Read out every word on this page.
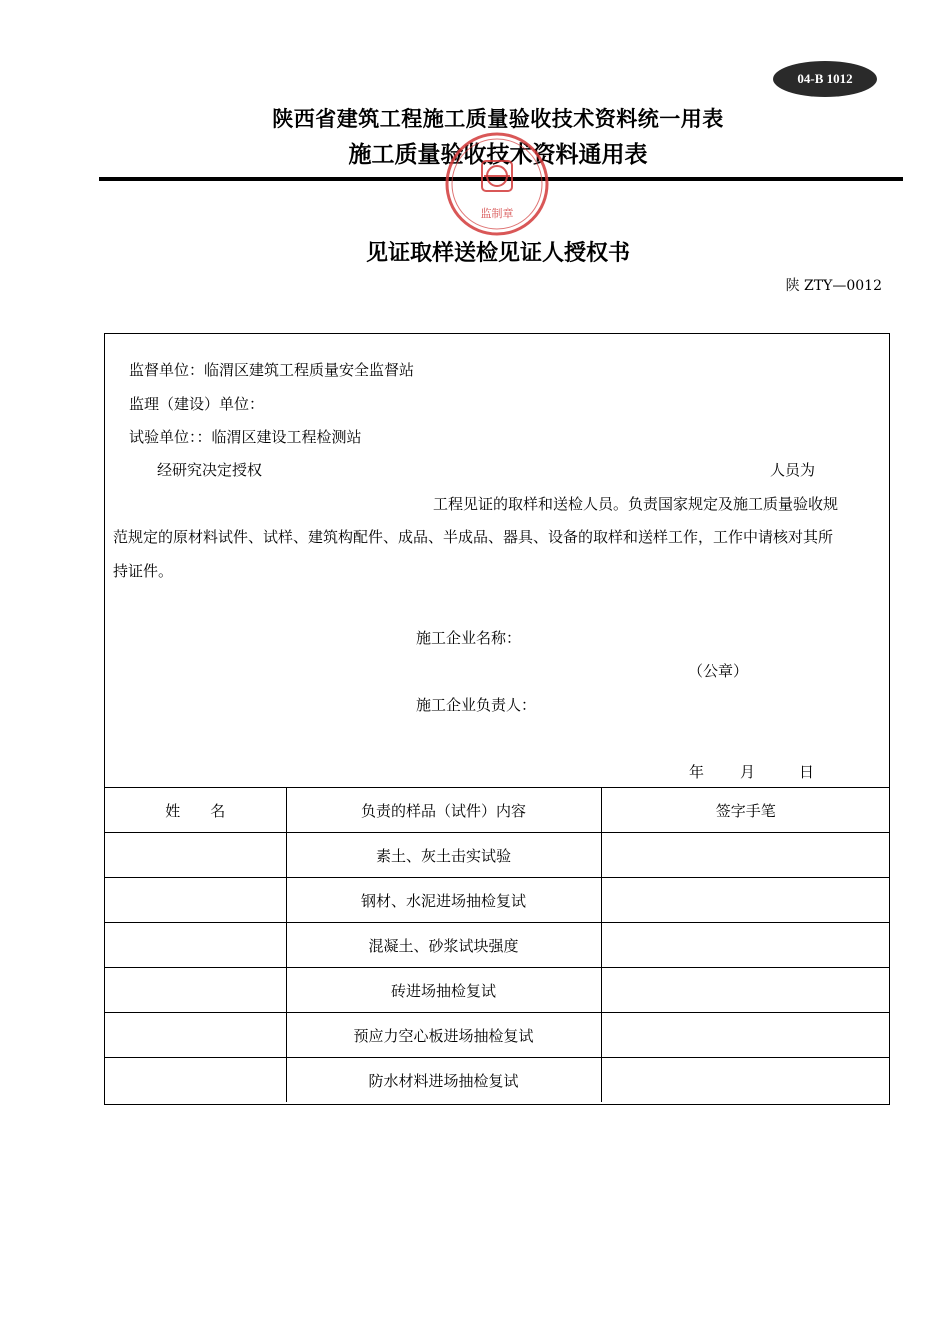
04-B 1012
陕西省建筑工程施工质量验收技术资料统一用表
施工质量验收技术资料通用表
监制章
见证取样送检见证人授权书
陕 ZTY—0012
监督单位：临渭区建筑工程质量安全监督站
监理（建设）单位：
试验单位：：临渭区建设工程检测站
经研究决定授权	人员为
工程见证的取样和送检人员。负责国家规定及施工质量验收规
范规定的原材料试件、试样、建筑构配件、成品、半成品、器具、设备的取样和送样工作，工作中请核对其所
持证件。
施工企业名称：
（公章）
施工企业负责人：
年 月	日
姓　　名	负责的样品（试件）内容	签字手笔
	素土、灰土击实试验	
	钢材、水泥进场抽检复试	
	混凝土、砂浆试块强度	
	砖进场抽检复试	
	预应力空心板进场抽检复试	
	防水材料进场抽检复试	
